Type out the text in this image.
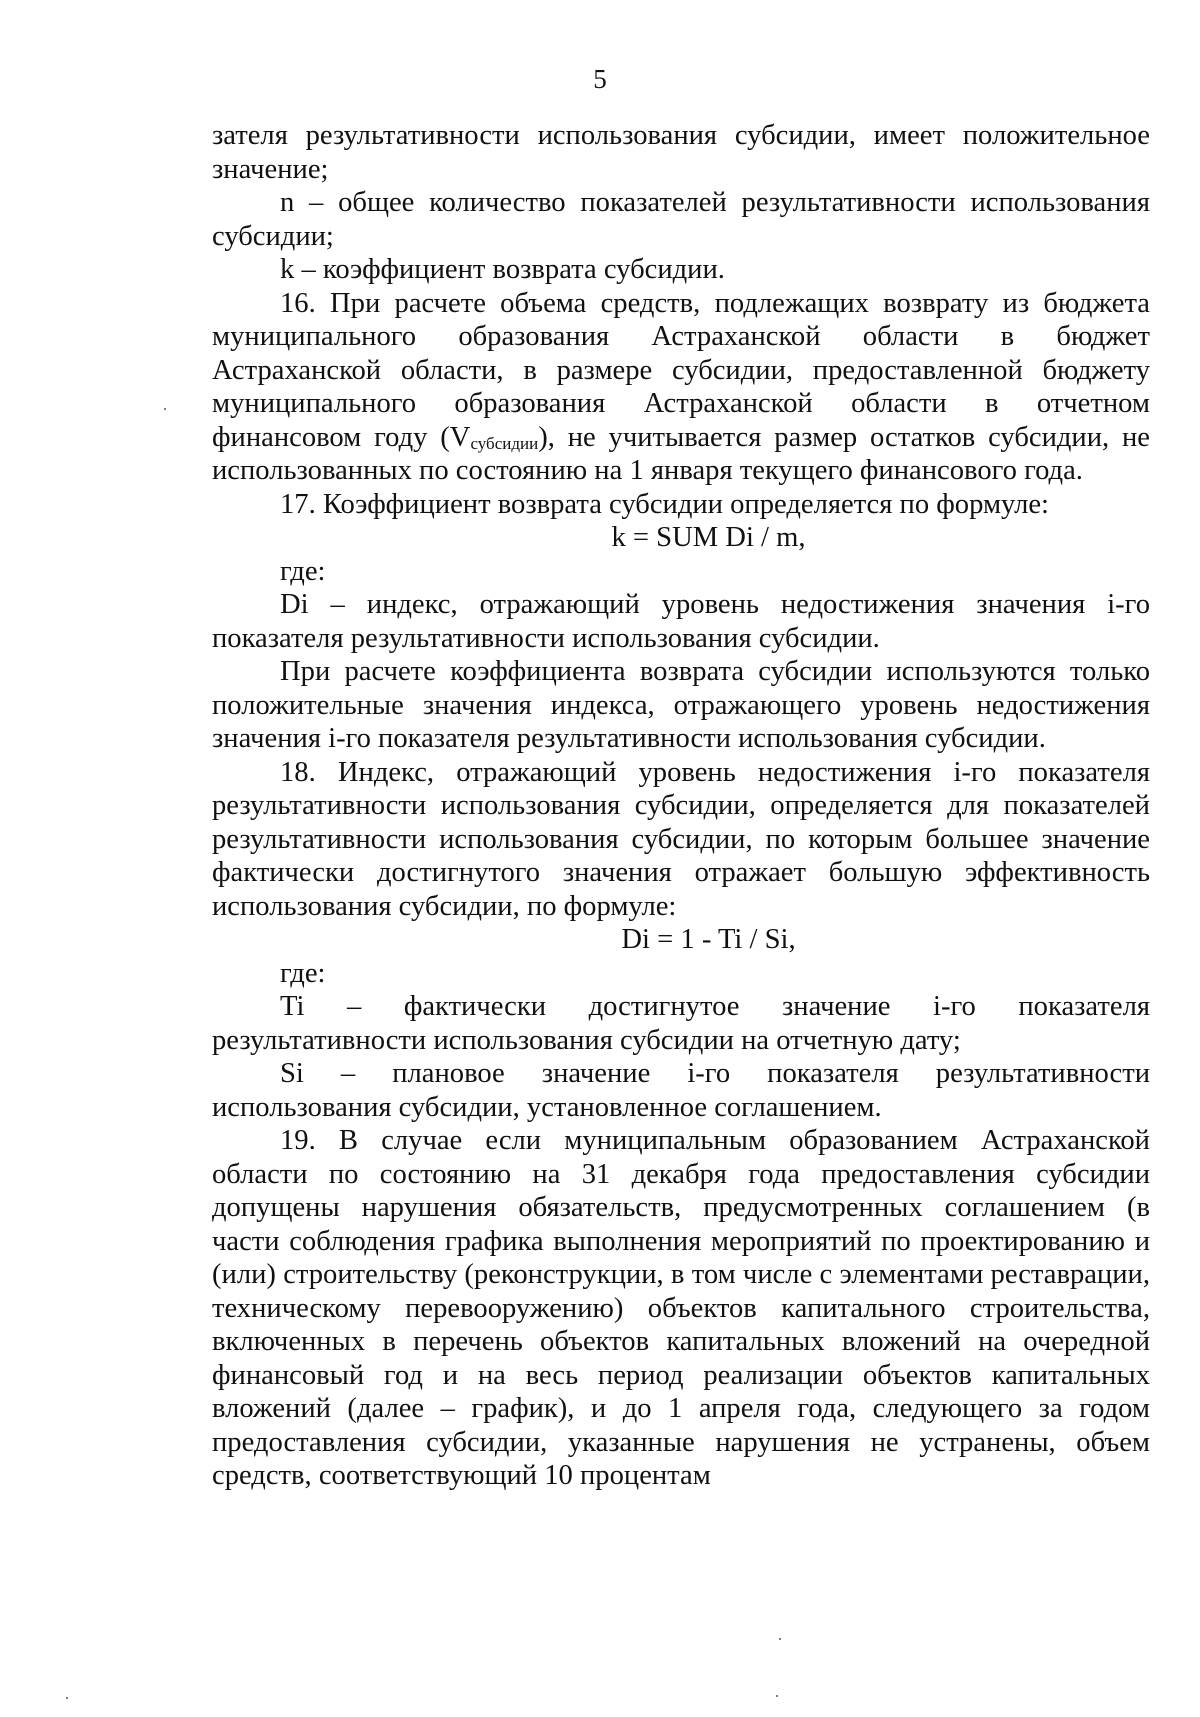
5

зателя результативности использования субсидии, имеет положительное значение;

n – общее количество показателей результативности использования субсидии;

k – коэффициент возврата субсидии.

16. При расчете объема средств, подлежащих возврату из бюджета муниципального образования Астраханской области в бюджет Астраханской области, в размере субсидии, предоставленной бюджету муниципального образования Астраханской области в отчетном финансовом году $(V_{субсидии})$, не учитывается размер остатков субсидии, не использованных по состоянию на 1 января текущего финансового года.

17. Коэффициент возврата субсидии определяется по формуле:

k = SUM Di / m,

где:

Di – индекс, отражающий уровень недостижения значения i-го показателя результативности использования субсидии.

При расчете коэффициента возврата субсидии используются только положительные значения индекса, отражающего уровень недостижения значения i-го показателя результативности использования субсидии.

18. Индекс, отражающий уровень недостижения i-го показателя результативности использования субсидии, определяется для показателей результативности использования субсидии, по которым большее значение фактически достигнутого значения отражает большую эффективность использования субсидии, по формуле:

Di = 1 - Ti / Si,

где:

Ti – фактически достигнутое значение i-го показателя результативности использования субсидии на отчетную дату;

Si – плановое значение i-го показателя результативности использования субсидии, установленное соглашением.

19. В случае если муниципальным образованием Астраханской области по состоянию на 31 декабря года предоставления субсидии допущены нарушения обязательств, предусмотренных соглашением (в части соблюдения графика выполнения мероприятий по проектированию и (или) строительству (реконструкции, в том числе с элементами реставрации, техническому перевооружению) объектов капитального строительства, включенных в перечень объектов капитальных вложений на очередной финансовый год и на весь период реализации объектов капитальных вложений (далее – график), и до 1 апреля года, следующего за годом предоставления субсидии, указанные нарушения не устранены, объем средств, соответствующий 10 процентам
